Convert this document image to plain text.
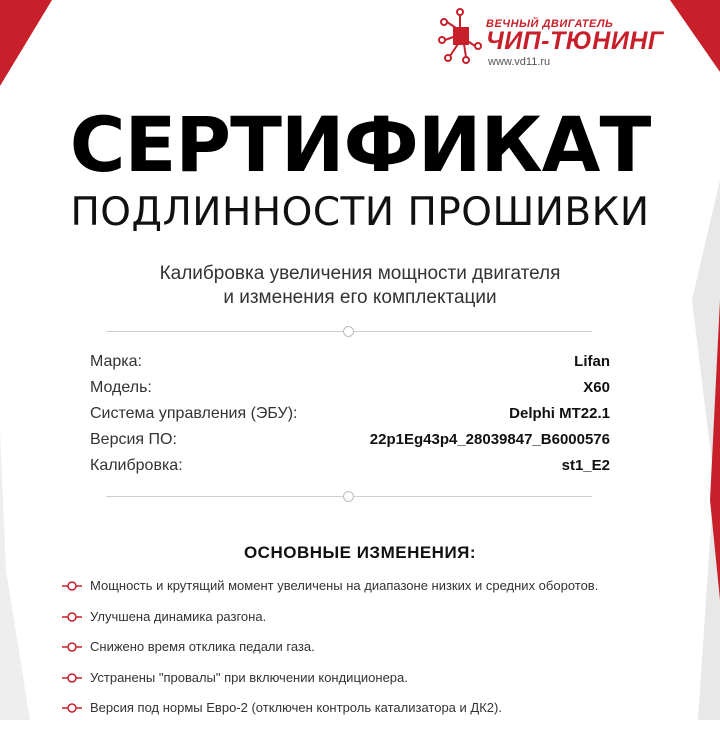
ВЕЧНЫЙ ДВИГАТЕЛЬ
ЧИП-ТЮНИНГ
www.vd11.ru
СЕРТИФИКАТ
ПОДЛИННОСТИ ПРОШИВКИ
Калибровка увеличения мощности двигателя
и изменения его комплектации
Марка:	Lifan
Модель:	X60
Система управления (ЭБУ):	Delphi MT22.1
Версия ПО:	22p1Eg43p4_28039847_B6000576
Калибровка:	st1_E2
ОСНОВНЫЕ ИЗМЕНЕНИЯ:
Мощность и крутящий момент увеличены на диапазоне низких и средних оборотов.
Улучшена динамика разгона.
Снижено время отклика педали газа.
Устранены "провалы" при включении кондиционера.
Версия под нормы Евро-2 (отключен контроль катализатора и ДК2).
